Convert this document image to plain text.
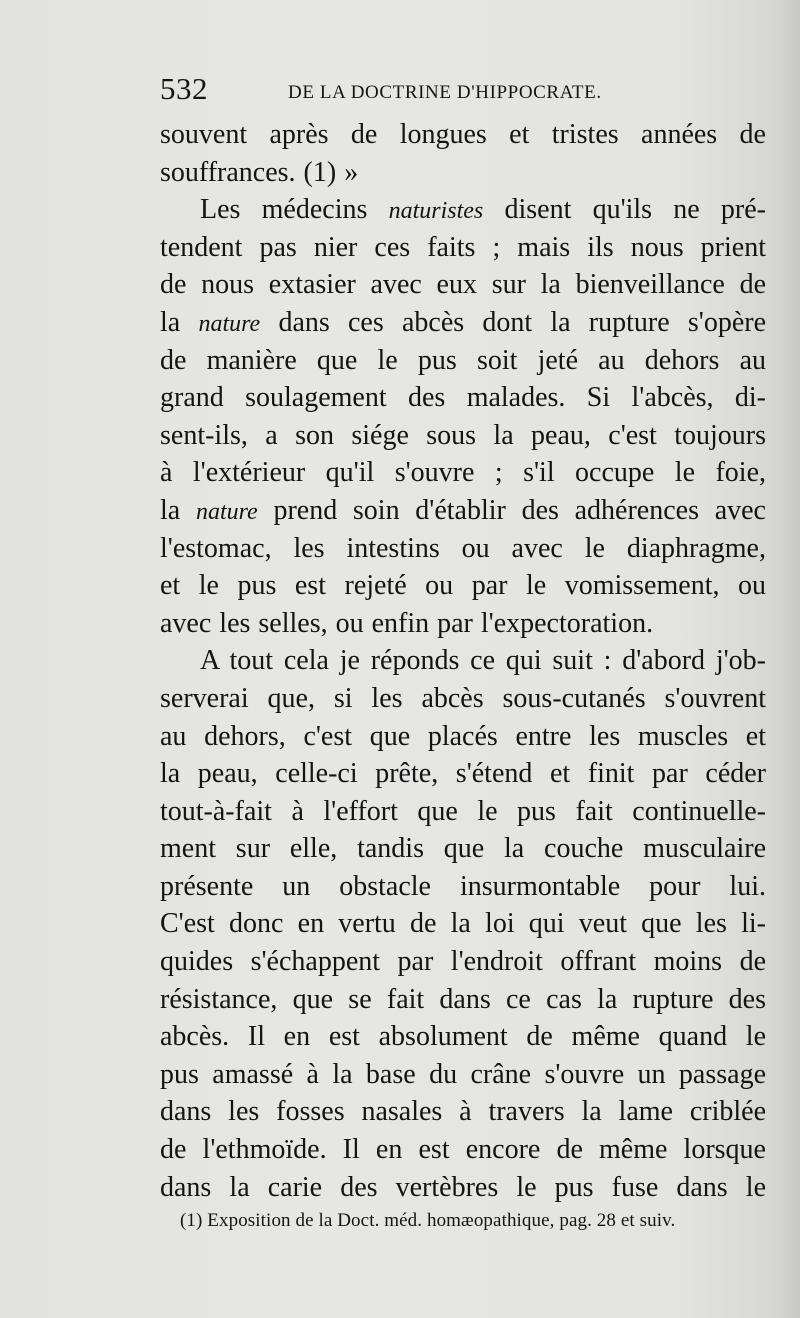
532	DE LA DOCTRINE D'HIPPOCRATE.
souvent après de longues et tristes années de
souffrances. (1) »
Les médecins naturistes disent qu'ils ne pré-
tendent pas nier ces faits ; mais ils nous prient
de nous extasier avec eux sur la bienveillance de
la nature dans ces abcès dont la rupture s'opère
de manière que le pus soit jeté au dehors au
grand soulagement des malades. Si l'abcès, di-
sent-ils, a son siége sous la peau, c'est toujours
à l'extérieur qu'il s'ouvre ; s'il occupe le foie,
la nature prend soin d'établir des adhérences avec
l'estomac, les intestins ou avec le diaphragme,
et le pus est rejeté ou par le vomissement, ou
avec les selles, ou enfin par l'expectoration.
A tout cela je réponds ce qui suit : d'abord j'ob-
serverai que, si les abcès sous-cutanés s'ouvrent
au dehors, c'est que placés entre les muscles et
la peau, celle-ci prête, s'étend et finit par céder
tout-à-fait à l'effort que le pus fait continuelle-
ment sur elle, tandis que la couche musculaire
présente un obstacle insurmontable pour lui.
C'est donc en vertu de la loi qui veut que les li-
quides s'échappent par l'endroit offrant moins de
résistance, que se fait dans ce cas la rupture des
abcès. Il en est absolument de même quand le
pus amassé à la base du crâne s'ouvre un passage
dans les fosses nasales à travers la lame criblée
de l'ethmoïde. Il en est encore de même lorsque
dans la carie des vertèbres le pus fuse dans le
(1) Exposition de la Doct. méd. homæopathique, pag. 28 et suiv.
